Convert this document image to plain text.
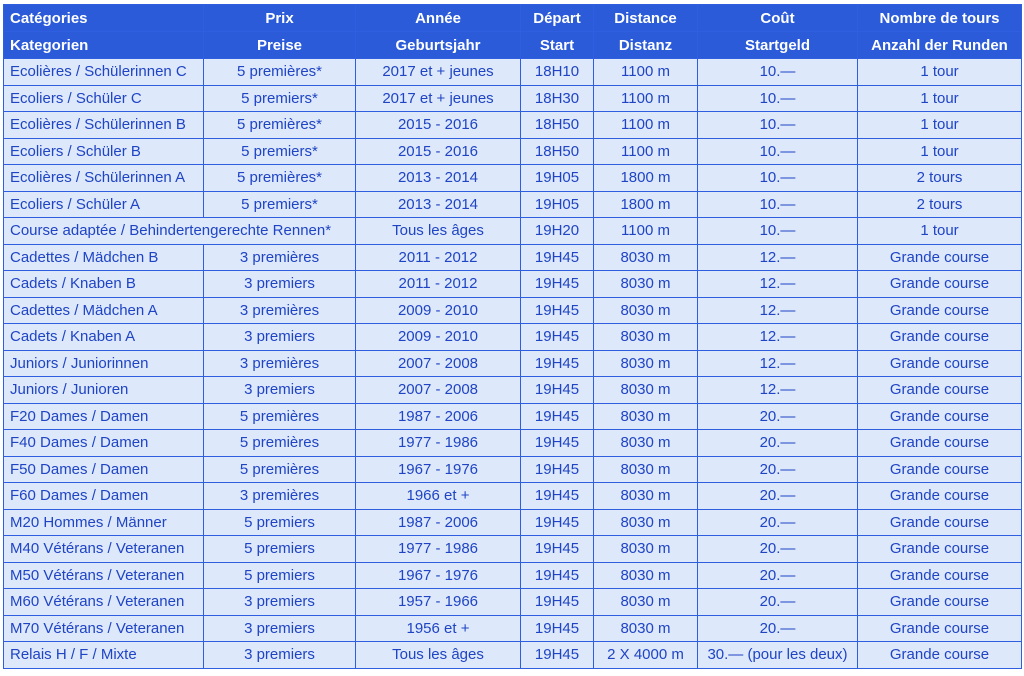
Catégories	Prix	Année	Départ	Distance	Coût	Nombre de tours
Kategorien	Preise	Geburtsjahr	Start	Distanz	Startgeld	Anzahl der Runden
Ecolières / Schülerinnen C	5 premières*	2017 et + jeunes	18H10	1100 m	10.—	1 tour
Ecoliers / Schüler C	5 premiers*	2017 et + jeunes	18H30	1100 m	10.—	1 tour
Ecolières / Schülerinnen B	5 premières*	2015 - 2016	18H50	1100 m	10.—	1 tour
Ecoliers / Schüler B	5 premiers*	2015 - 2016	18H50	1100 m	10.—	1 tour
Ecolières / Schülerinnen A	5 premières*	2013 - 2014	19H05	1800 m	10.—	2 tours
Ecoliers / Schüler A	5 premiers*	2013 - 2014	19H05	1800 m	10.—	2 tours
Course adaptée / Behindertengerechte Rennen*		Tous les âges	19H20	1100 m	10.—	1 tour
Cadettes / Mädchen B	3 premières	2011 - 2012	19H45	8030 m	12.—	Grande course
Cadets / Knaben B	3 premiers	2011 - 2012	19H45	8030 m	12.—	Grande course
Cadettes / Mädchen A	3 premières	2009 - 2010	19H45	8030 m	12.—	Grande course
Cadets / Knaben A	3 premiers	2009 - 2010	19H45	8030 m	12.—	Grande course
Juniors / Juniorinnen	3 premières	2007 - 2008	19H45	8030 m	12.—	Grande course
Juniors / Junioren	3 premiers	2007 - 2008	19H45	8030 m	12.—	Grande course
F20 Dames / Damen	5 premières	1987 - 2006	19H45	8030 m	20.—	Grande course
F40 Dames / Damen	5 premières	1977 - 1986	19H45	8030 m	20.—	Grande course
F50 Dames / Damen	5 premières	1967 - 1976	19H45	8030 m	20.—	Grande course
F60 Dames / Damen	3 premières	1966 et +	19H45	8030 m	20.—	Grande course
M20 Hommes / Männer	5 premiers	1987 - 2006	19H45	8030 m	20.—	Grande course
M40 Vétérans / Veteranen	5 premiers	1977 - 1986	19H45	8030 m	20.—	Grande course
M50 Vétérans / Veteranen	5 premiers	1967 - 1976	19H45	8030 m	20.—	Grande course
M60 Vétérans / Veteranen	3 premiers	1957 - 1966	19H45	8030 m	20.—	Grande course
M70 Vétérans / Veteranen	3 premiers	1956 et +	19H45	8030 m	20.—	Grande course
Relais H / F / Mixte	3 premiers	Tous les âges	19H45	2 X 4000 m	30.— (pour les deux)	Grande course
